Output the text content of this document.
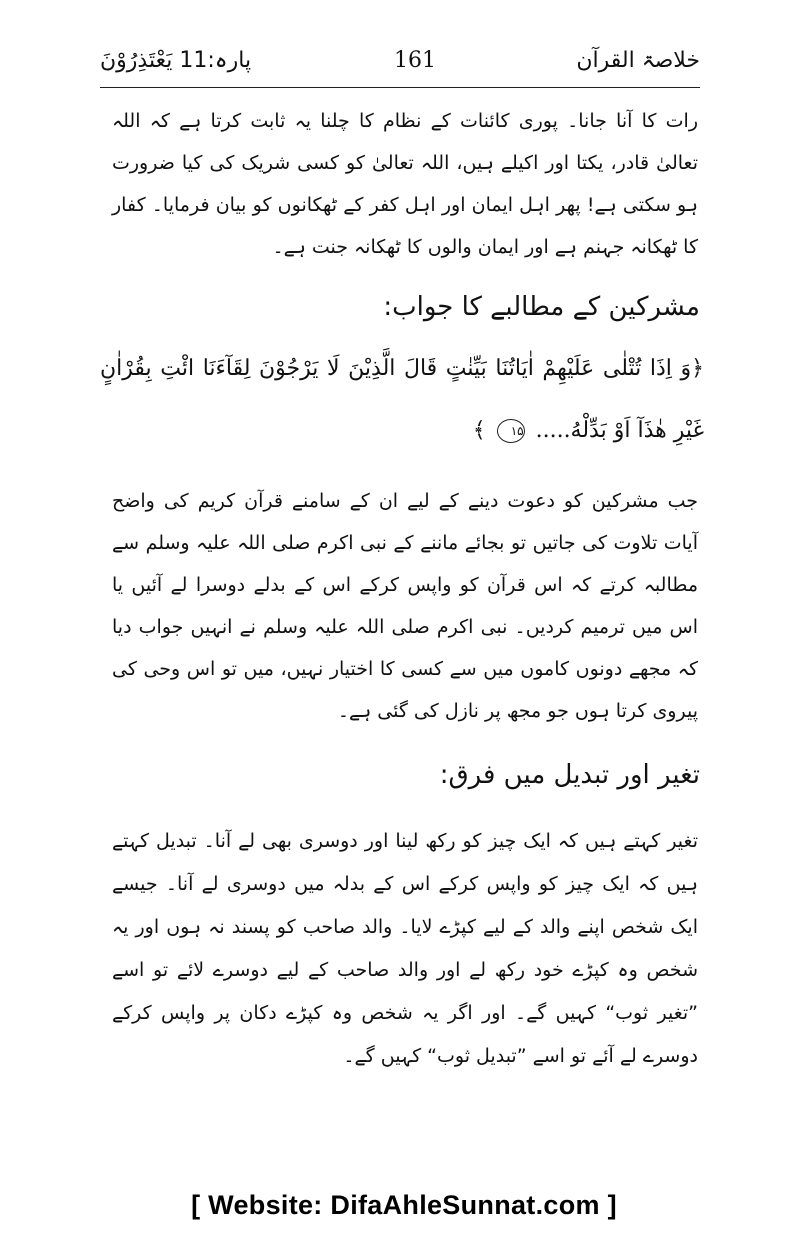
خلاصۃ القرآن
161
پارہ:11 یَعْتَذِرُوْنَ
رات کا آنا جانا۔ پوری کائنات کے نظام کا چلنا یہ ثابت کرتا ہے کہ اللہ تعالیٰ قادر، یکتا اور اکیلے ہیں، اللہ تعالیٰ کو کسی شریک کی کیا ضرورت ہو سکتی ہے! پھر اہل ایمان اور اہل کفر کے ٹھکانوں کو بیان فرمایا۔ کفار کا ٹھکانہ جہنم ہے اور ایمان والوں کا ٹھکانہ جنت ہے۔
مشرکین کے مطالبے کا جواب:
﴿وَ اِذَا تُتْلٰی عَلَیْهِمْ اٰیَاتُنَا بَیِّنٰتٍ قَالَ الَّذِیْنَ لَا یَرْجُوْنَ لِقَآءَنَا ائْتِ بِقُرْاٰنٍ غَیْرِ هٰذَآ اَوْ بَدِّلْهُ..... ۱۵ ﴾
جب مشرکین کو دعوت دینے کے لیے ان کے سامنے قرآن کریم کی واضح آیات تلاوت کی جاتیں تو بجائے ماننے کے نبی اکرم صلی اللہ علیہ وسلم سے مطالبہ کرتے کہ اس قرآن کو واپس کرکے اس کے بدلے دوسرا لے آئیں یا اس میں ترمیم کردیں۔ نبی اکرم صلی اللہ علیہ وسلم نے انہیں جواب دیا کہ مجھے دونوں کاموں میں سے کسی کا اختیار نہیں، میں تو اس وحی کی پیروی کرتا ہوں جو مجھ پر نازل کی گئی ہے۔
تغیر اور تبدیل میں فرق:
تغیر کہتے ہیں کہ ایک چیز کو رکھ لینا اور دوسری بھی لے آنا۔ تبدیل کہتے ہیں کہ ایک چیز کو واپس کرکے اس کے بدلہ میں دوسری لے آنا۔ جیسے ایک شخص اپنے والد کے لیے کپڑے لایا۔ والد صاحب کو پسند نہ ہوں اور یہ شخص وہ کپڑے خود رکھ لے اور والد صاحب کے لیے دوسرے لائے تو اسے ”تغیر ثوب“ کہیں گے۔ اور اگر یہ شخص وہ کپڑے دکان پر واپس کرکے دوسرے لے آئے تو اسے ”تبدیل ثوب“ کہیں گے۔
[ Website: DifaAhleSunnat.com ]
